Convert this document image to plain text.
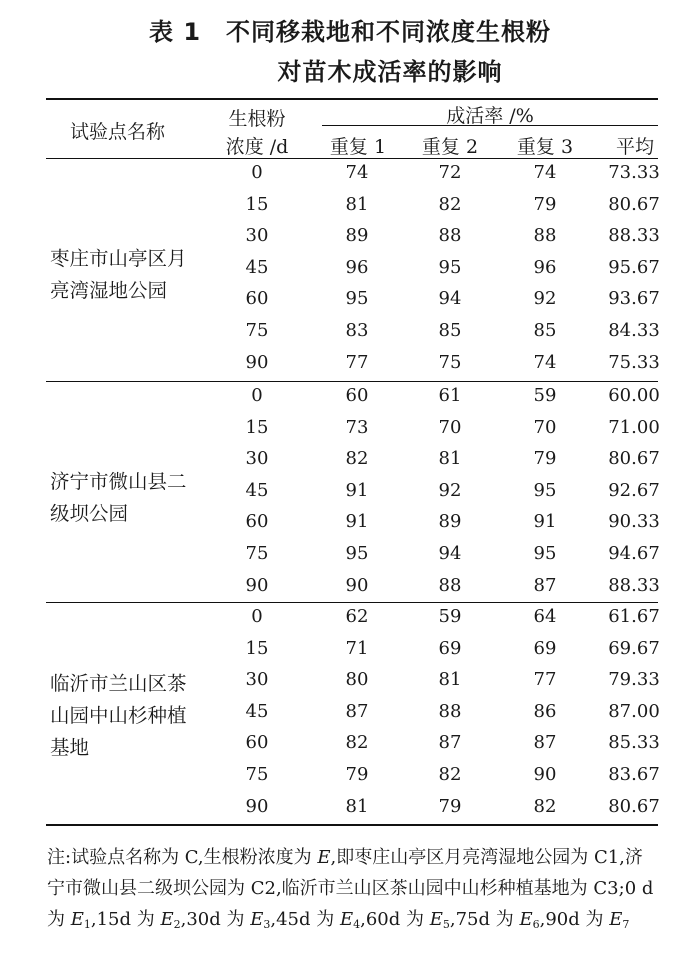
表 1　不同移栽地和不同浓度生根粉
对苗木成活率的影响
试验点名称
生根粉
浓度 /d
成活率 /%
重复 1	重复 2	重复 3	平均
枣庄市山亭区月
亮湾湿地公园
0	74	72	74	73.33
15	81	82	79	80.67
30	89	88	88	88.33
45	96	95	96	95.67
60	95	94	92	93.67
75	83	85	85	84.33
90	77	75	74	75.33
济宁市微山县二
级坝公园
0	60	61	59	60.00
15	73	70	70	71.00
30	82	81	79	80.67
45	91	92	95	92.67
60	91	89	91	90.33
75	95	94	95	94.67
90	90	88	87	88.33
临沂市兰山区茶
山园中山杉种植
基地
0	62	59	64	61.67
15	71	69	69	69.67
30	80	81	77	79.33
45	87	88	86	87.00
60	82	87	87	85.33
75	79	82	90	83.67
90	81	79	82	80.67
注:试验点名称为 C,生根粉浓度为 E,即枣庄山亭区月亮湾湿地公园为 C1,济宁市微山县二级坝公园为 C2,临沂市兰山区茶山园中山杉种植基地为 C3;0 d 为 $E_1,15d$ 为 $E_2,30d$ 为 $E_3,45d$ 为 $E_4,60d$ 为 $E_5,75d$ 为 $E_6,90d$ 为 $E_7$
